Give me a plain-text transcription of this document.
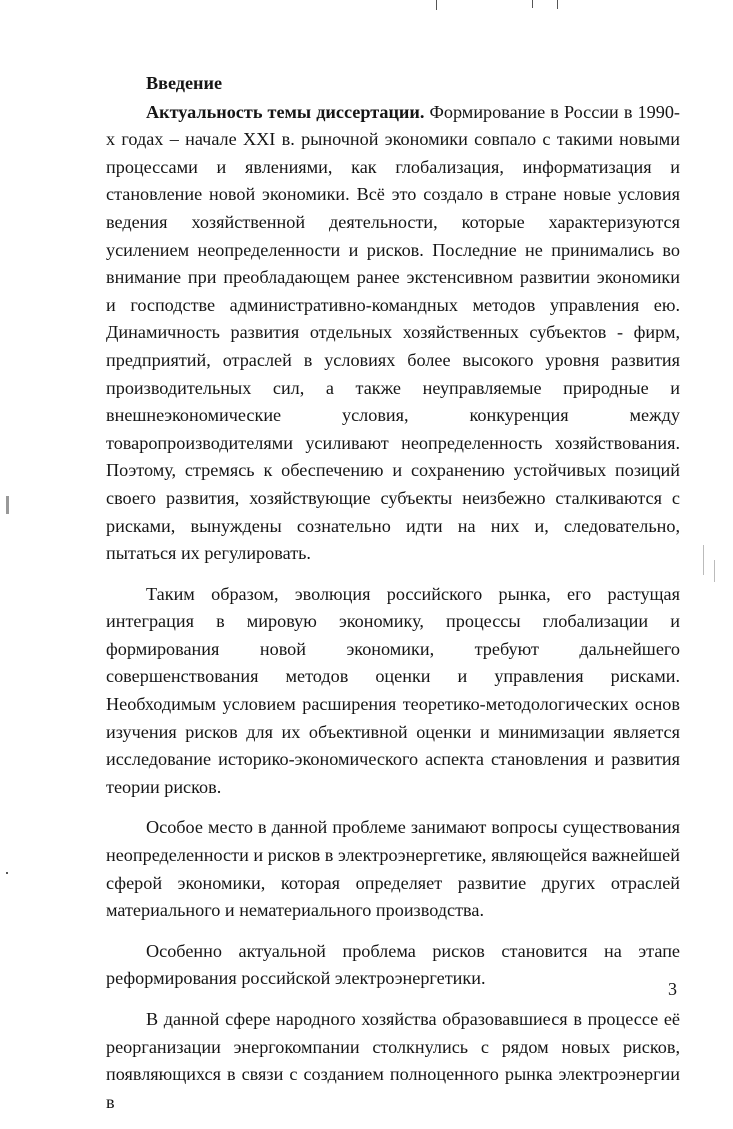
Введение

Актуальность темы диссертации. Формирование в России в 1990-х годах – начале XXI в. рыночной экономики совпало с такими новыми процессами и явлениями, как глобализация, информатизация и становление новой экономики. Всё это создало в стране новые условия ведения хозяйственной деятельности, которые характеризуются усилением неопределенности и рисков. Последние не принимались во внимание при преобладающем ранее экстенсивном развитии экономики и господстве административно-командных методов управления ею. Динамичность развития отдельных хозяйственных субъектов - фирм, предприятий, отраслей в условиях более высокого уровня развития производительных сил, а также неуправляемые природные и внешнеэкономические условия, конкуренция между товаропроизводителями усиливают неопределенность хозяйствования. Поэтому, стремясь к обеспечению и сохранению устойчивых позиций своего развития, хозяйствующие субъекты неизбежно сталкиваются с рисками, вынуждены сознательно идти на них и, следовательно, пытаться их регулировать.

Таким образом, эволюция российского рынка, его растущая интеграция в мировую экономику, процессы глобализации и формирования новой экономики, требуют дальнейшего совершенствования методов оценки и управления рисками. Необходимым условием расширения теоретико-методологических основ изучения рисков для их объективной оценки и минимизации является исследование историко-экономического аспекта становления и развития теории рисков.

Особое место в данной проблеме занимают вопросы существования неопределенности и рисков в электроэнергетике, являющейся важнейшей сферой экономики, которая определяет развитие других отраслей материального и нематериального производства.

Особенно актуальной проблема рисков становится на этапе реформирования российской электроэнергетики.

В данной сфере народного хозяйства образовавшиеся в процессе её реорганизации энергокомпании столкнулись с рядом новых рисков, появляющихся в связи с созданием полноценного рынка электроэнергии в

3
